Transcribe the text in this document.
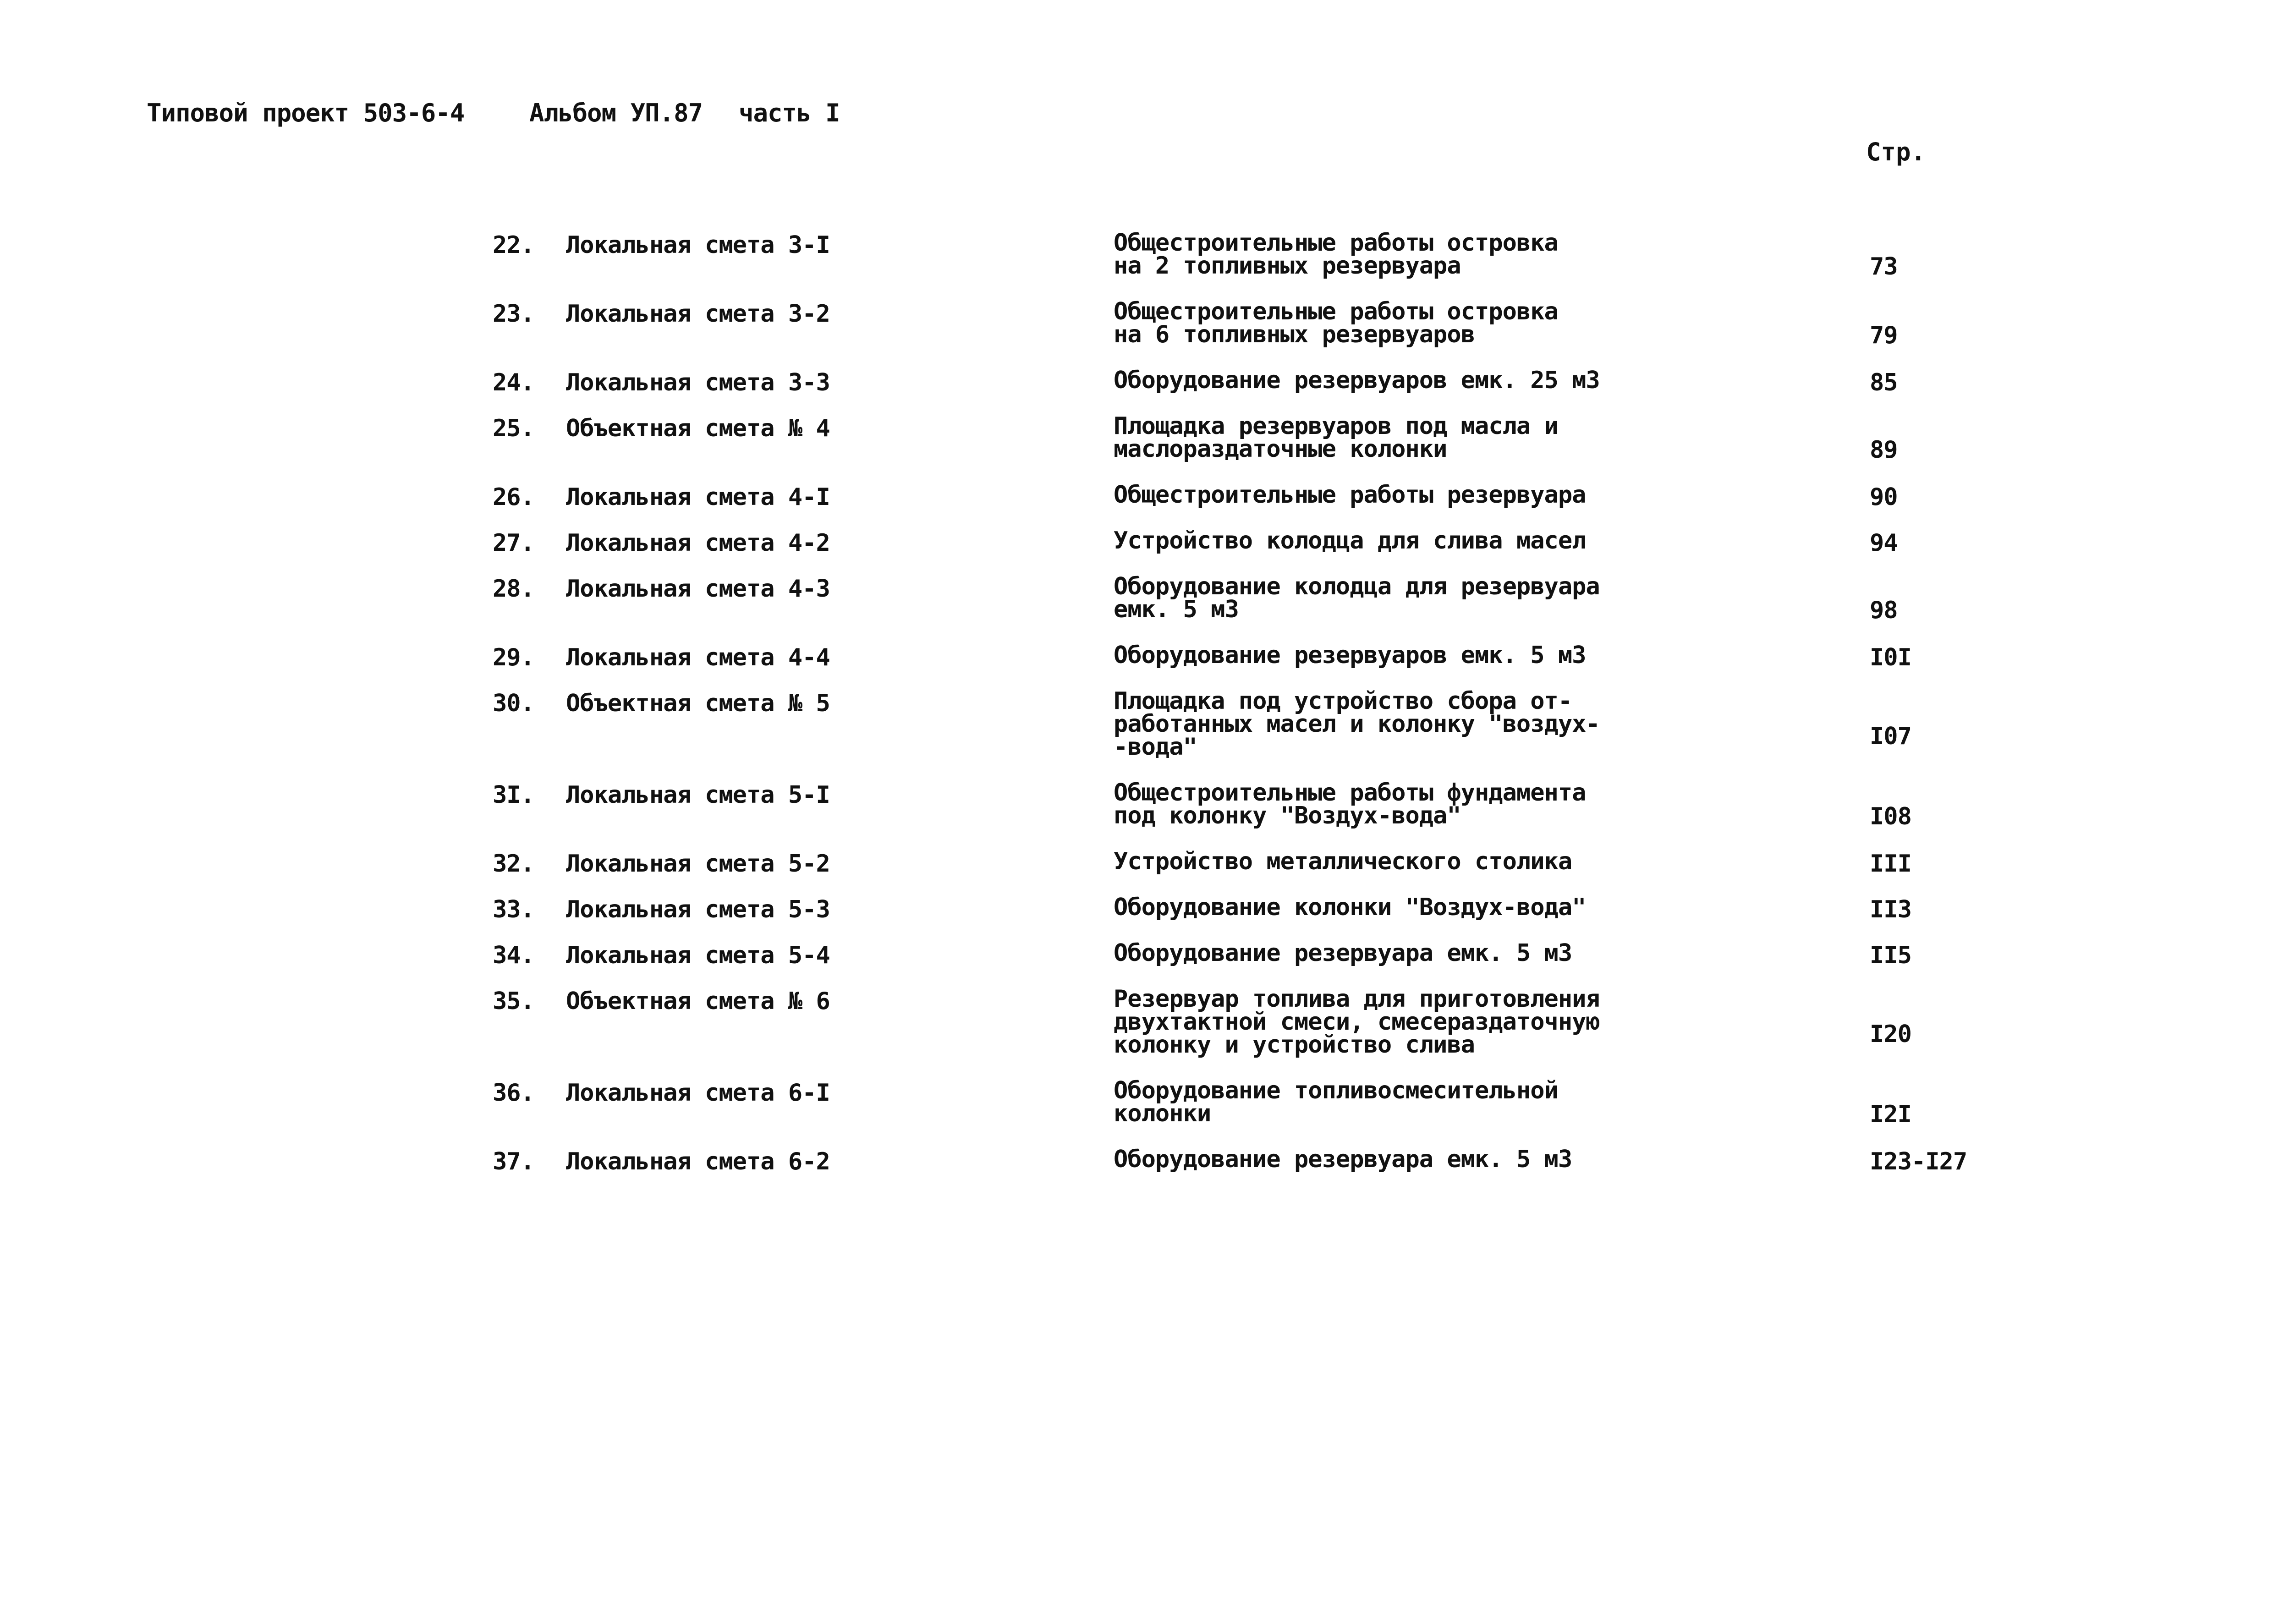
Типовой проект 503-6-4	Альбом УП.87 часть I
Стр.
22.	Локальная смета 3-I	Общестроительные работы островка
на 2 топливных резервуара	73
23.	Локальная смета 3-2	Общестроительные работы островка
на 6 топливных резервуаров	79
24.	Локальная смета 3-3	Оборудование резервуаров емк. 25 м3	85
25.	Объектная смета № 4	Площадка резервуаров под масла и
маслораздаточные колонки	89
26.	Локальная смета 4-I	Общестроительные работы резервуара	90
27.	Локальная смета 4-2	Устройство колодца для слива масел	94
28.	Локальная смета 4-3	Оборудование колодца для резервуара
емк. 5 м3	98
29.	Локальная смета 4-4	Оборудование резервуаров емк. 5 м3	I0I
30.	Объектная смета № 5	Площадка под устройство сбора от-
работанных масел и колонку "воздух-
-вода"	I07
3I.	Локальная смета 5-I	Общестроительные работы фундамента
под колонку "Воздух-вода"	I08
32.	Локальная смета 5-2	Устройство металлического столика	III
33.	Локальная смета 5-3	Оборудование колонки "Воздух-вода"	II3
34.	Локальная смета 5-4	Оборудование резервуара емк. 5 м3	II5
35.	Объектная смета № 6	Резервуар топлива для приготовления
двухтактной смеси, смесераздаточную
колонку и устройство слива	I20
36.	Локальная смета 6-I	Оборудование топливосмесительной
колонки	I2I
37.	Локальная смета 6-2	Оборудование резервуара емк. 5 м3	I23-I27
